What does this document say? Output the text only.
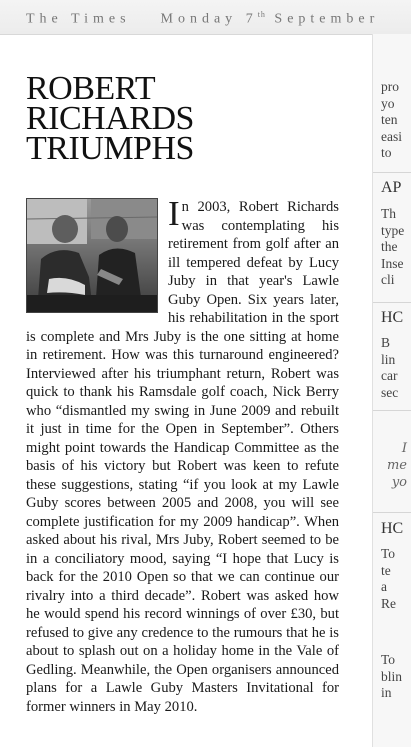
The Times Monday 7th September
ROBERT
RICHARDS
TRIUMPHS

In 2003, Robert Richards was contemplating his retirement from golf after an ill tempered defeat by Lucy Juby in that year's Lawle Guby Open. Six years later, his rehabilitation in the sport is complete and Mrs Juby is the one sitting at home in retirement. How was this turnaround engineered? Interviewed after his triumphant return, Robert was quick to thank his Ramsdale golf coach, Nick Berry who “dismantled my swing in June 2009 and rebuilt it just in time for the Open in September”. Others might point towards the Handicap Committee as the basis of his victory but Robert was keen to refute these suggestions, stating “if you look at my Lawle Guby scores between 2005 and 2008, you will see complete justification for my 2009 handicap”. When asked about his rival, Mrs Juby, Robert seemed to be in a conciliatory mood, saying “I hope that Lucy is back for the 2010 Open so that we can continue our rivalry into a third decade”. Robert was asked how he would spend his record winnings of over £30, but refused to give any credence to the rumours that he is about to splash out on a holiday home in the Vale of Gedling. Meanwhile, the Open organisers announced plans for a Lawle Guby Masters Invitational for former winners in May 2010.

pro
yo
ten
easi
to
AP
Th
type
the
Inse
cli
HC
B
lin
car
sec
I
me
yo
HC
To
te
a
Re
To
blin
in
